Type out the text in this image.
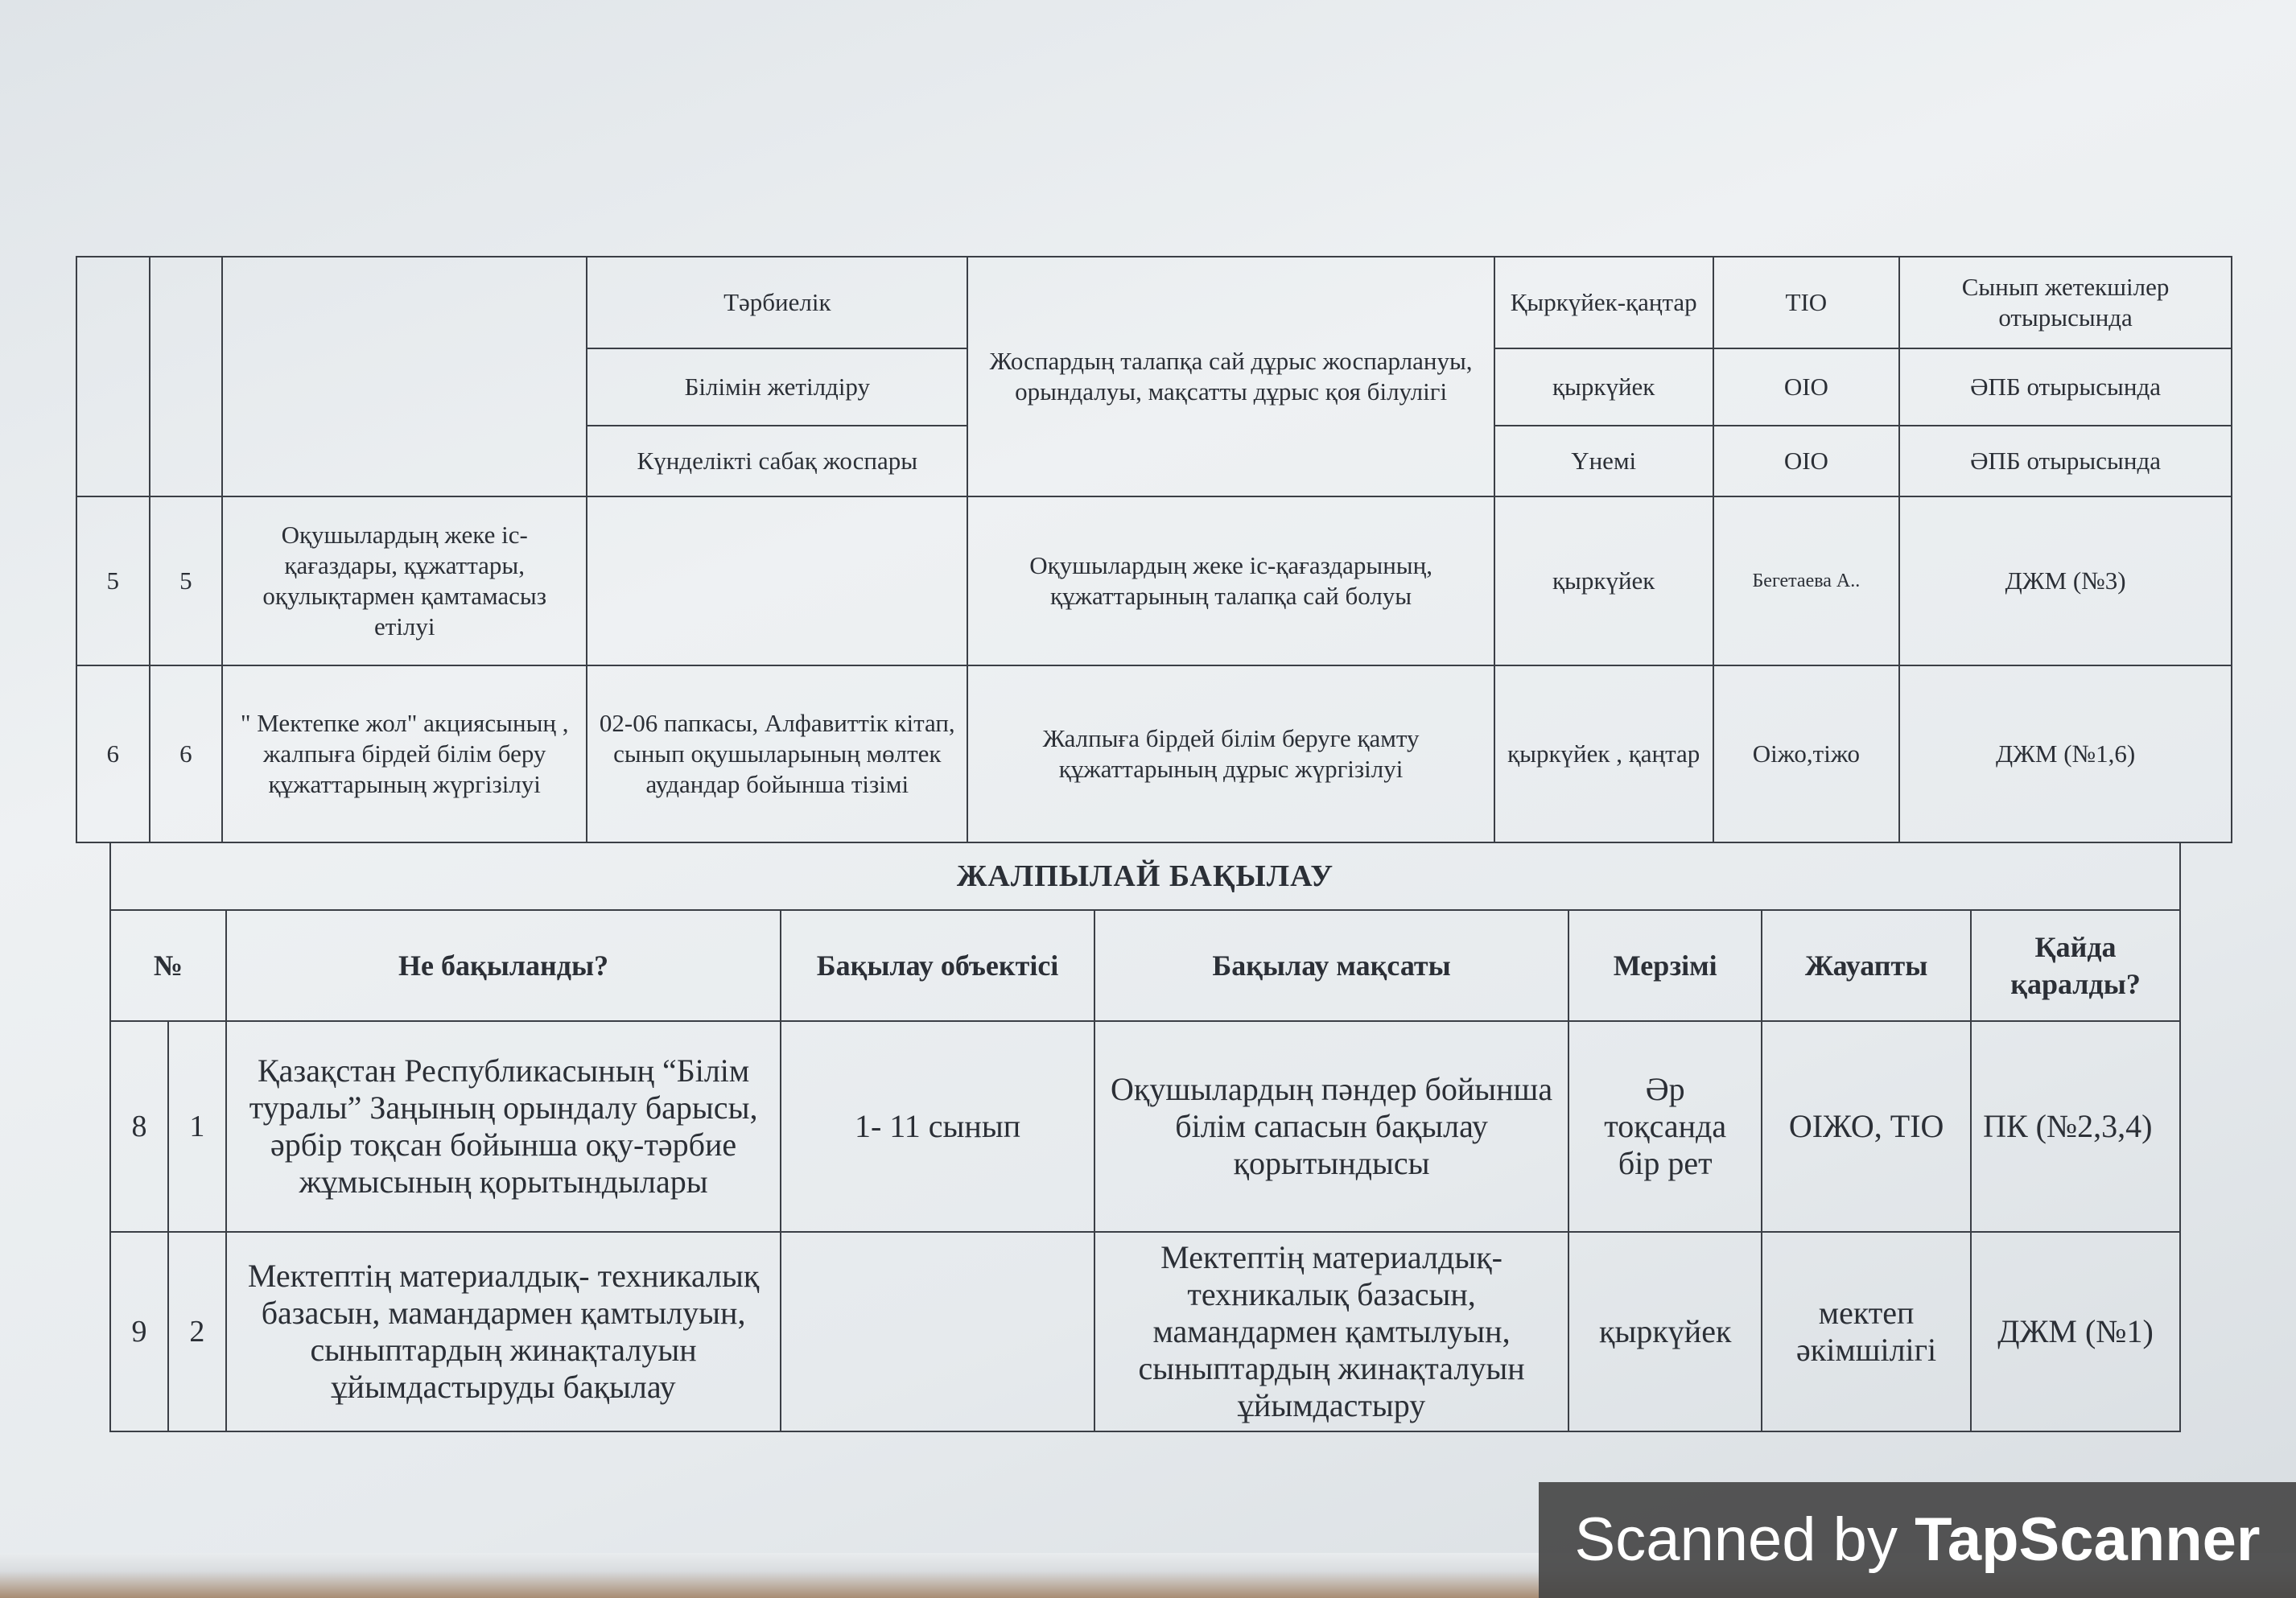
			Тәрбиелік	Жоспардың талапқа сай дұрыс жоспарлануы, орындалуы, мақсатты дұрыс қоя білулігі	Қыркүйек-қаңтар	ТІО	Сынып жетекшілер отырысында
			Білімін жетілдіру		қыркүйек	ОІО	ӘПБ отырысында
			Күнделікті сабақ жоспары		Үнемі	ОІО	ӘПБ отырысында
5	5	Оқушылардың жеке іс-қағаздары, құжаттары, оқулықтармен қамтамасыз етілуі		Оқушылардың жеке іс-қағаздарының, құжаттарының талапқа сай болуы	қыркүйек	Бегетаева А..	ДЖМ (№3)
6	6	" Мектепке жол" акциясының , жалпыға бірдей білім беру құжаттарының жүргізілуі	02-06 папкасы, Алфавиттік кітап, сынып оқушыларының мөлтек аудандар бойынша тізімі	Жалпыға бірдей білім беруге қамту құжаттарының дұрыс жүргізілуі	қыркүйек , қаңтар	Оіжо,тіжо	ДЖМ (№1,6)
ЖАЛПЫЛАЙ БАҚЫЛАУ							
№		Не бақыланды?	Бақылау объектісі	Бақылау мақсаты	Мерзімі	Жауапты	Қайда қаралды?
8	1	Қазақстан Республикасының “Білім туралы” Заңының орындалу барысы, әрбір тоқсан бойынша оқу-тәрбие жұмысының қорытындылары	1- 11 сынып	Оқушылардың пәндер бойынша білім сапасын бақылау қорытындысы	Әр тоқсанда бір рет	ОІЖО, ТІО	ПК (№2,3,4)
9	2	Мектептің материалдық- техникалық базасын, мамандармен қамтылуын, сыныптардың жинақталуын ұйымдастыруды бақылау		Мектептің материалдық-техникалық базасын, мамандармен қамтылуын, сыныптардың жинақталуын ұйымдастыру	қыркүйек	мектеп әкімшілігі	ДЖМ (№1)
Scanned by TapScanner
